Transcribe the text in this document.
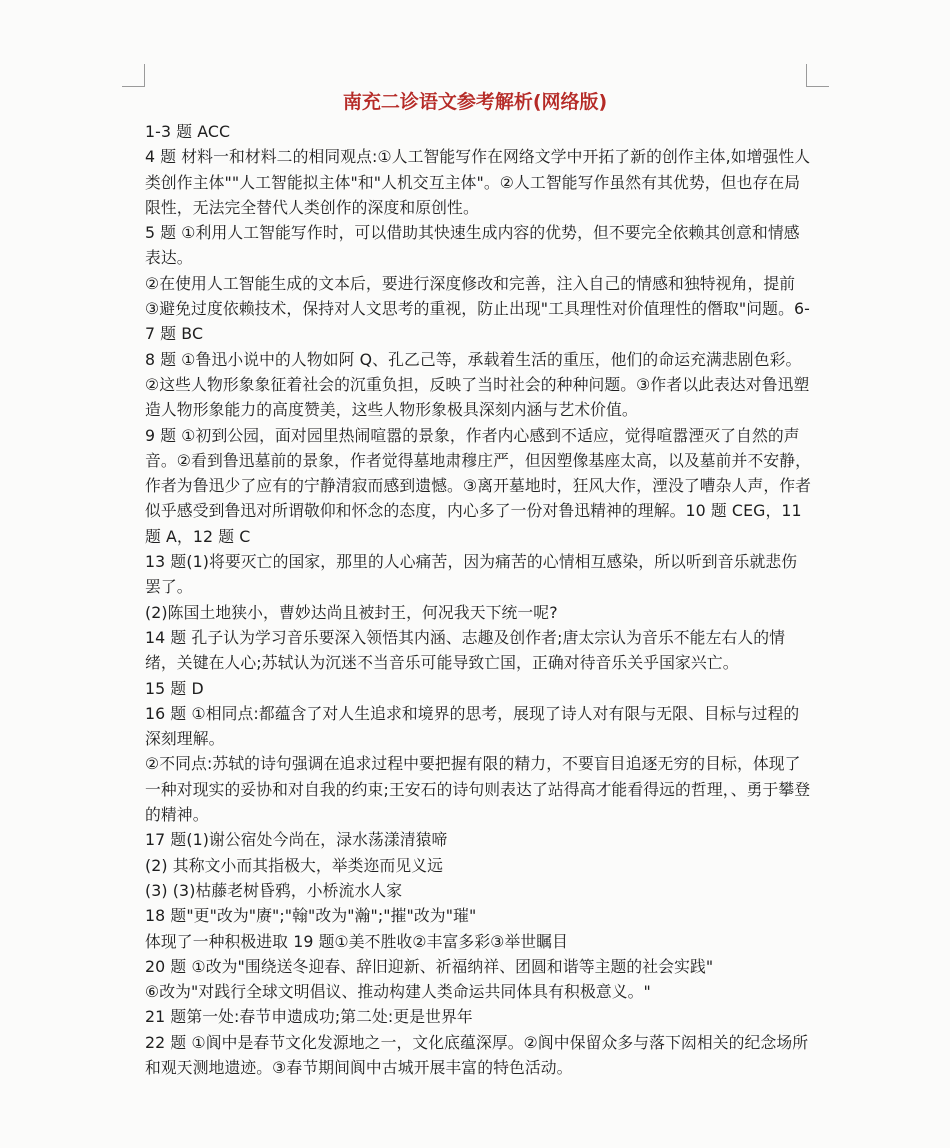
南充二诊语文参考解析(网络版)

1-3 题 ACC

4 题 材料一和材料二的相同观点:①人工智能写作在网络文学中开拓了新的创作主体,如增强性人类创作主体""人工智能拟主体"和"人机交互主体"。②人工智能写作虽然有其优势，但也存在局限性，无法完全替代人类创作的深度和原创性。

5 题 ①利用人工智能写作时，可以借助其快速生成内容的优势，但不要完全依赖其创意和情感表达。

②在使用人工智能生成的文本后，要进行深度修改和完善，注入自己的情感和独特视角，提前

③避免过度依赖技术，保持对人文思考的重视，防止出现"工具理性对价值理性的僭取"问题。6-7 题 BC

8 题 ①鲁迅小说中的人物如阿 Q、孔乙己等，承载着生活的重压，他们的命运充满悲剧色彩。②这些人物形象象征着社会的沉重负担，反映了当时社会的种种问题。③作者以此表达对鲁迅塑造人物形象能力的高度赞美，这些人物形象极具深刻内涵与艺术价值。

9 题 ①初到公园，面对园里热闹喧嚣的景象，作者内心感到不适应，觉得喧嚣湮灭了自然的声音。②看到鲁迅墓前的景象，作者觉得墓地肃穆庄严，但因塑像基座太高，以及墓前并不安静，作者为鲁迅少了应有的宁静清寂而感到遗憾。③离开墓地时，狂风大作，湮没了嘈杂人声，作者似乎感受到鲁迅对所谓敬仰和怀念的态度，内心多了一份对鲁迅精神的理解。10 题 CEG，11 题 A，12 题 C

13 题(1)将要灭亡的国家，那里的人心痛苦，因为痛苦的心情相互感染，所以听到音乐就悲伤罢了。

(2)陈国土地狭小，曹妙达尚且被封王，何况我天下统一呢?

14 题 孔子认为学习音乐要深入领悟其内涵、志趣及创作者;唐太宗认为音乐不能左右人的情绪，关键在人心;苏轼认为沉迷不当音乐可能导致亡国，正确对待音乐关乎国家兴亡。

15 题 D

16 题 ①相同点:都蕴含了对人生追求和境界的思考，展现了诗人对有限与无限、目标与过程的深刻理解。

②不同点:苏轼的诗句强调在追求过程中要把握有限的精力，不要盲目追逐无穷的目标，体现了一种对现实的妥协和对自我的约束;王安石的诗句则表达了站得高才能看得远的哲理，、勇于攀登的精神。

17 题(1)谢公宿处今尚在，渌水荡漾清猿啼

(2) 其称文小而其指极大，举类迩而见义远

(3) (3)枯藤老树昏鸦，小桥流水人家

18 题"更"改为"赓";"翰"改为"瀚";"摧"改为"璀"

体现了一种积极进取 19 题①美不胜收②丰富多彩③举世瞩目

20 题 ①改为"围绕送冬迎春、辞旧迎新、祈福纳祥、团圆和谐等主题的社会实践"

⑥改为"对践行全球文明倡议、推动构建人类命运共同体具有积极意义。"

21 题第一处:春节申遗成功;第二处:更是世界年

22 题 ①阆中是春节文化发源地之一，文化底蕴深厚。②阆中保留众多与落下闳相关的纪念场所和观天测地遗迹。③春节期间阆中古城开展丰富的特色活动。
